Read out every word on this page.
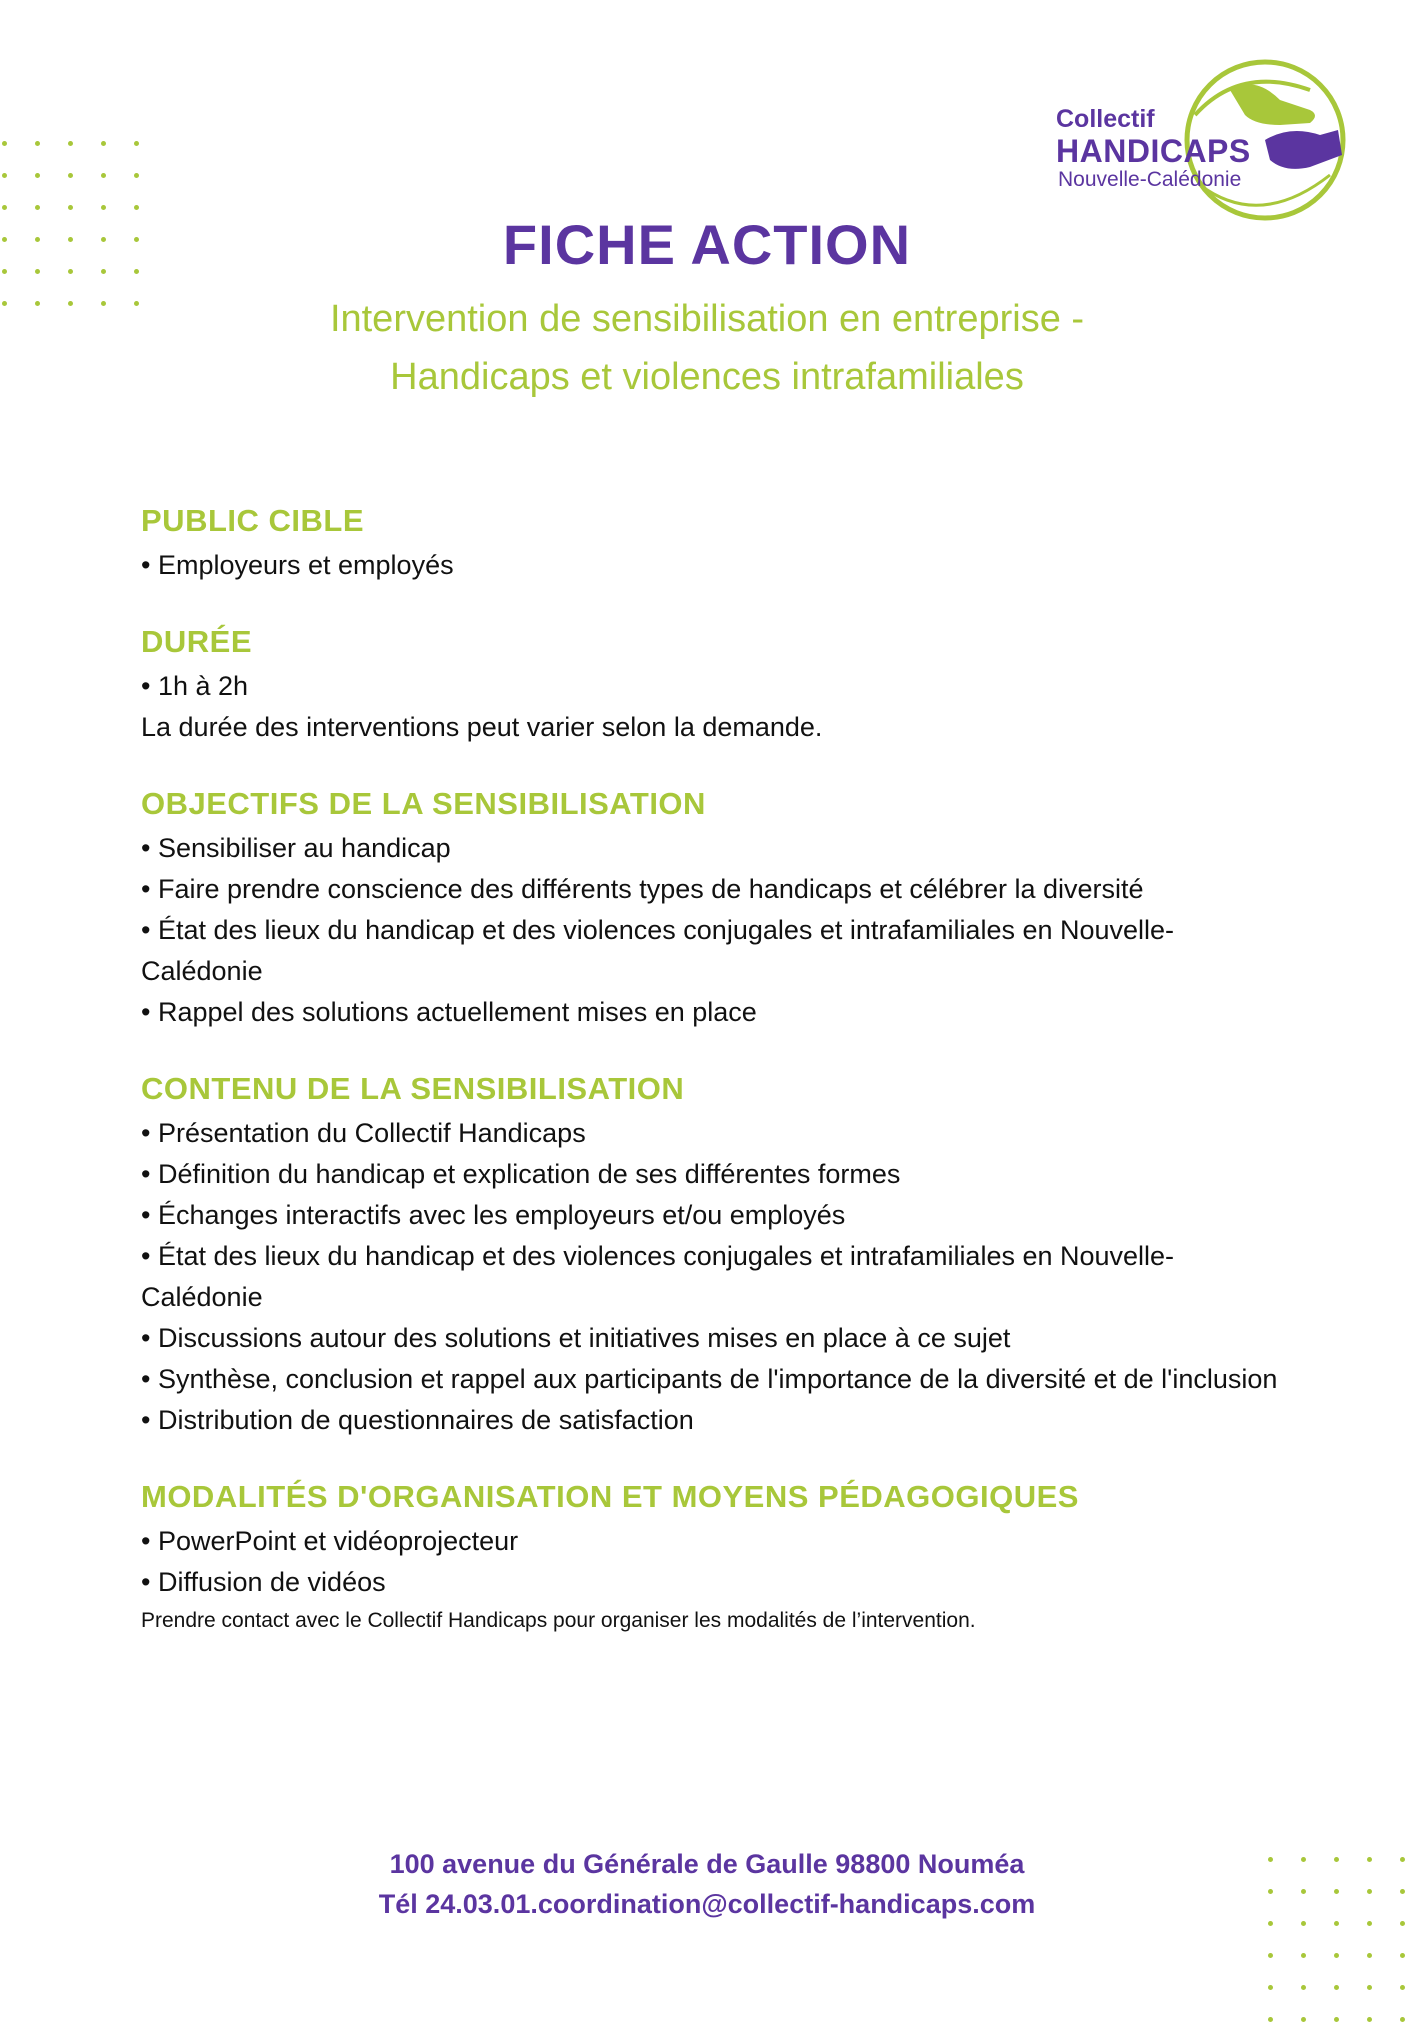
Collectif
HANDICAPS
Nouvelle-Calédonie
FICHE ACTION
Intervention de sensibilisation en entreprise -
Handicaps et violences intrafamiliales
PUBLIC CIBLE
• Employeurs et employés
DURÉE
• 1h à 2h
La durée des interventions peut varier selon la demande.
OBJECTIFS DE LA SENSIBILISATION
• Sensibiliser au handicap
• Faire prendre conscience des différents types de handicaps et célébrer la diversité
• État des lieux du handicap et des violences conjugales et intrafamiliales en Nouvelle-Calédonie
• Rappel des solutions actuellement mises en place
CONTENU DE LA SENSIBILISATION
• Présentation du Collectif Handicaps
• Définition du handicap et explication de ses différentes formes
• Échanges interactifs avec les employeurs et/ou employés
• État des lieux du handicap et des violences conjugales et intrafamiliales en Nouvelle-Calédonie
• Discussions autour des solutions et initiatives mises en place à ce sujet
• Synthèse, conclusion et rappel aux participants de l'importance de la diversité et de l'inclusion
• Distribution de questionnaires de satisfaction
MODALITÉS D'ORGANISATION ET MOYENS PÉDAGOGIQUES
• PowerPoint et vidéoprojecteur
• Diffusion de vidéos
Prendre contact avec le Collectif Handicaps pour organiser les modalités de l’intervention.
100 avenue du Générale de Gaulle 98800 Nouméa
Tél 24.03.01.coordination@collectif-handicaps.com
